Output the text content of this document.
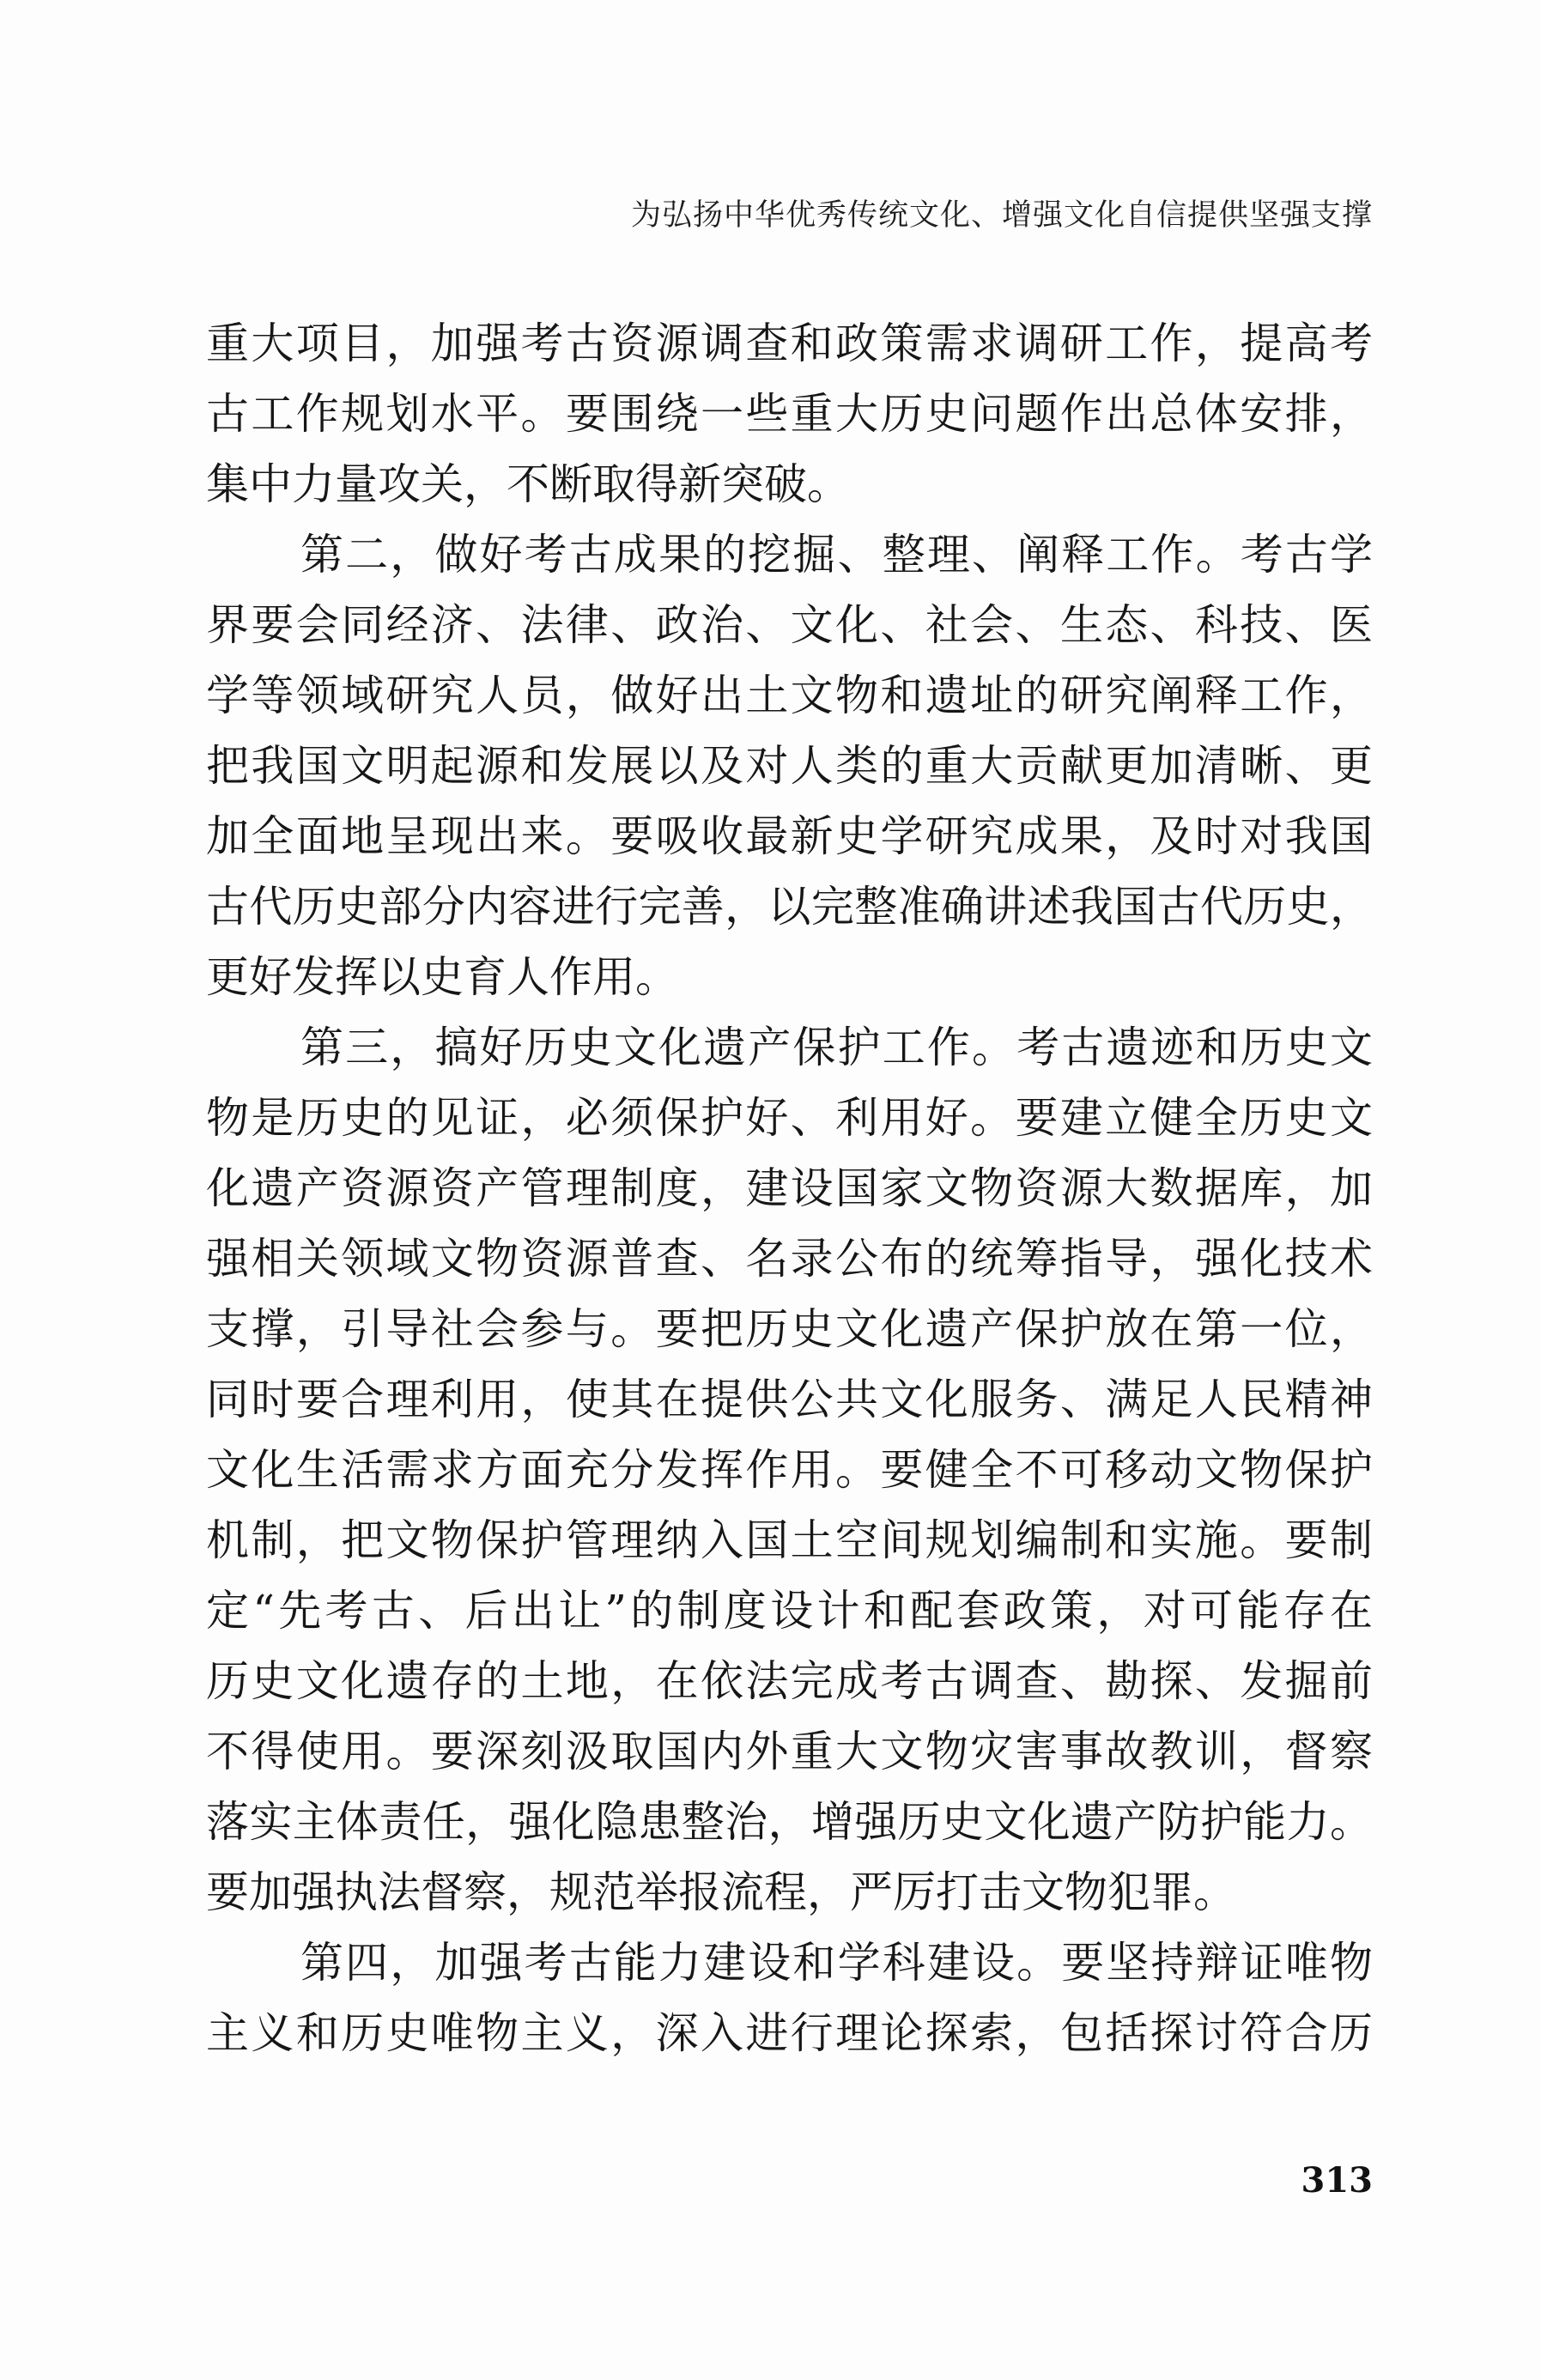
为弘扬中华优秀传统文化、增强文化自信提供坚强支撑
重大项目，加强考古资源调查和政策需求调研工作，提高考
古工作规划水平。要围绕一些重大历史问题作出总体安排，
集中力量攻关，不断取得新突破。
第二，做好考古成果的挖掘、整理、阐释工作。考古学
界要会同经济、法律、政治、文化、社会、生态、科技、医
学等领域研究人员，做好出土文物和遗址的研究阐释工作，
把我国文明起源和发展以及对人类的重大贡献更加清晰、更
加全面地呈现出来。要吸收最新史学研究成果，及时对我国
古代历史部分内容进行完善，以完整准确讲述我国古代历史，
更好发挥以史育人作用。
第三，搞好历史文化遗产保护工作。考古遗迹和历史文
物是历史的见证，必须保护好、利用好。要建立健全历史文
化遗产资源资产管理制度，建设国家文物资源大数据库，加
强相关领域文物资源普查、名录公布的统筹指导，强化技术
支撑，引导社会参与。要把历史文化遗产保护放在第一位，
同时要合理利用，使其在提供公共文化服务、满足人民精神
文化生活需求方面充分发挥作用。要健全不可移动文物保护
机制，把文物保护管理纳入国土空间规划编制和实施。要制
定“先考古、后出让”的制度设计和配套政策，对可能存在
历史文化遗存的土地，在依法完成考古调查、勘探、发掘前
不得使用。要深刻汲取国内外重大文物灾害事故教训，督察
落实主体责任，强化隐患整治，增强历史文化遗产防护能力。
要加强执法督察，规范举报流程，严厉打击文物犯罪。
第四，加强考古能力建设和学科建设。要坚持辩证唯物
主义和历史唯物主义，深入进行理论探索，包括探讨符合历
313
